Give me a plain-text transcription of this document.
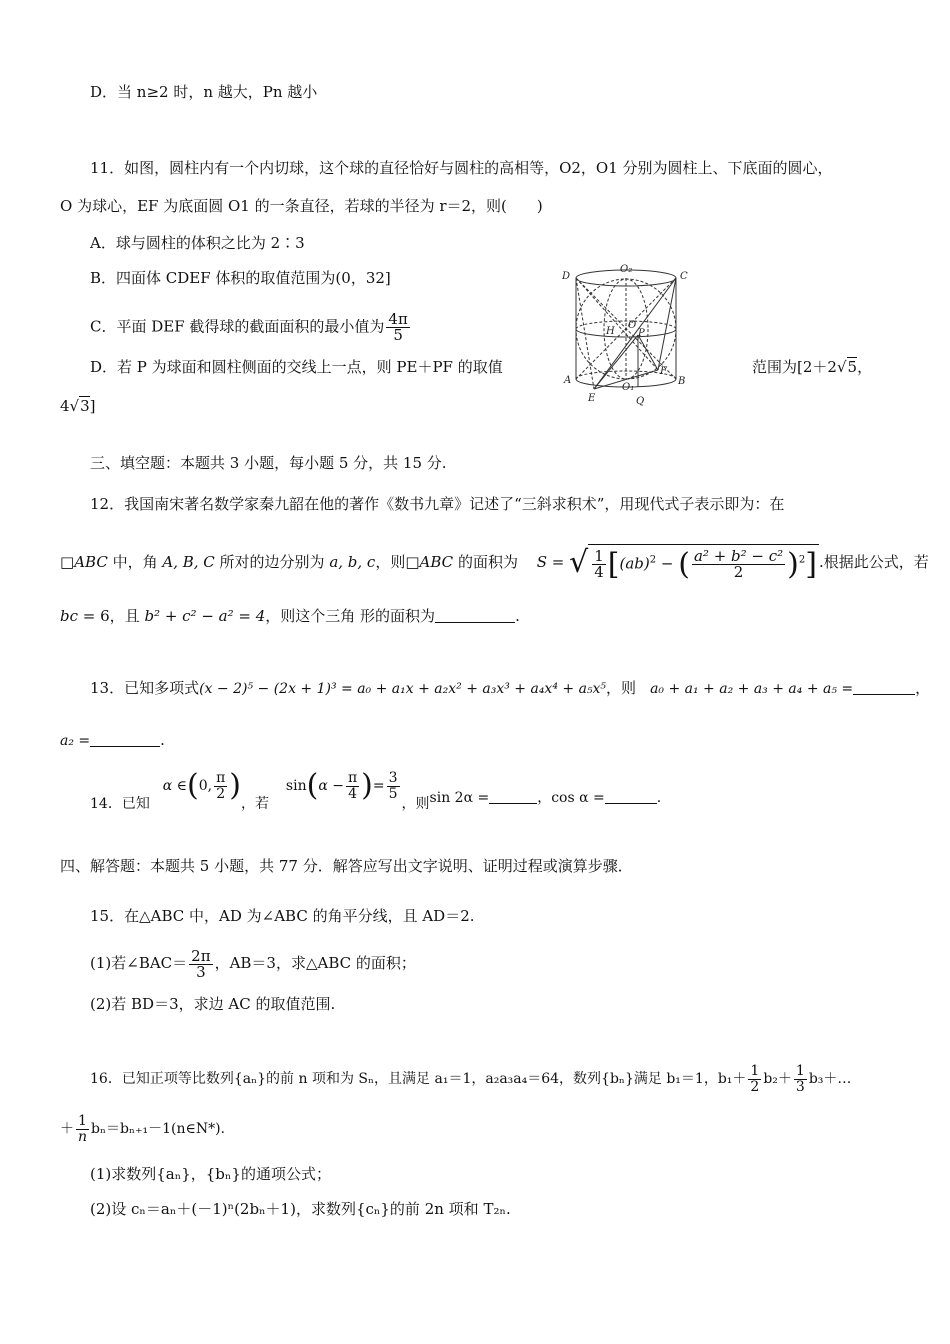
D．当 n≥2 时，n 越大，Pn 越小
11．如图，圆柱内有一个内切球，这个球的直径恰好与圆柱的高相等，O2，O1 分别为圆柱上、下底面的圆心，
O 为球心，EF 为底面圆 O1 的一条直径，若球的半径为 r＝2，则(　　)
A．球与圆柱的体积之比为 2∶3
B．四面体 CDEF 体积的取值范围为(0，32]
C．平面 DEF 截得球的截面面积的最小值为 $\frac{4\pi}{5}$
D．若 P 为球面和圆柱侧面的交线上一点，则 PE＋PF 的取值	范围为[2＋2√5，
4√3]
D
O₂
C
O
H P
F
A
O₁
B
E	Q
三、填空题：本题共 3 小题，每小题 5 分，共 15 分.
12．我国南宋著名数学家秦九韶在他的著作《数书九章》记述了“三斜求积术”，用现代式子表示即为：在
□ABC 中，角 A, B, C 所对的边分别为 a, b, c，则□ABC 的面积为 S = √ $\frac{1}{4} [(ab)^2$ − ( $\frac{\text{a² + b² − c²}}{2} )^2$] .根据此公式，若
bc = 6，且 b² + c² − a² = 4，则这个三角 形的面积为	.
13．已知多项式(x − 2)⁵ − (2x + 1)³ = a₀ + a₁x + a₂x² + a₃x³ + a₄x⁴ + a₅x⁵，则 a₀ + a₁ + a₂ + a₃ + a₄ + a₅ =	，
a₂ =	.
14．已知  α ∈(0, $\frac{\pi}{2}$ )，若  $\sin(\alpha - \frac{\pi}{4}$ )= $\frac{3}{5}$
，则sin 2α =	，cos α =	.
四、解答题：本题共 5 小题，共 77 分．解答应写出文字说明、证明过程或演算步骤．
15．在△ABC 中，AD 为∠ABC 的角平分线，且 AD＝2.
(1)若∠BAC＝ $\frac{2\pi}{3}$ ，AB＝3，求△ABC 的面积；
(2)若 BD＝3，求边 AC 的取值范围.
16．已知正项等比数列{aₙ}的前 n 项和为 Sₙ，且满足 a₁＝1，a₂a₃a₄＝64，数列{bₙ}满足 b₁＝1，$b_1+ \frac{1}{2} b_2+ \frac{1}{3}$ b₃＋…
＋ $\frac{1}{n}$ bₙ＝bₙ₊₁－1(n∈N*).
(1)求数列{aₙ}，{bₙ}的通项公式；
(2)设 cₙ＝aₙ＋(－1)ⁿ(2bₙ＋1)，求数列{cₙ}的前 2n 项和 T₂ₙ.
